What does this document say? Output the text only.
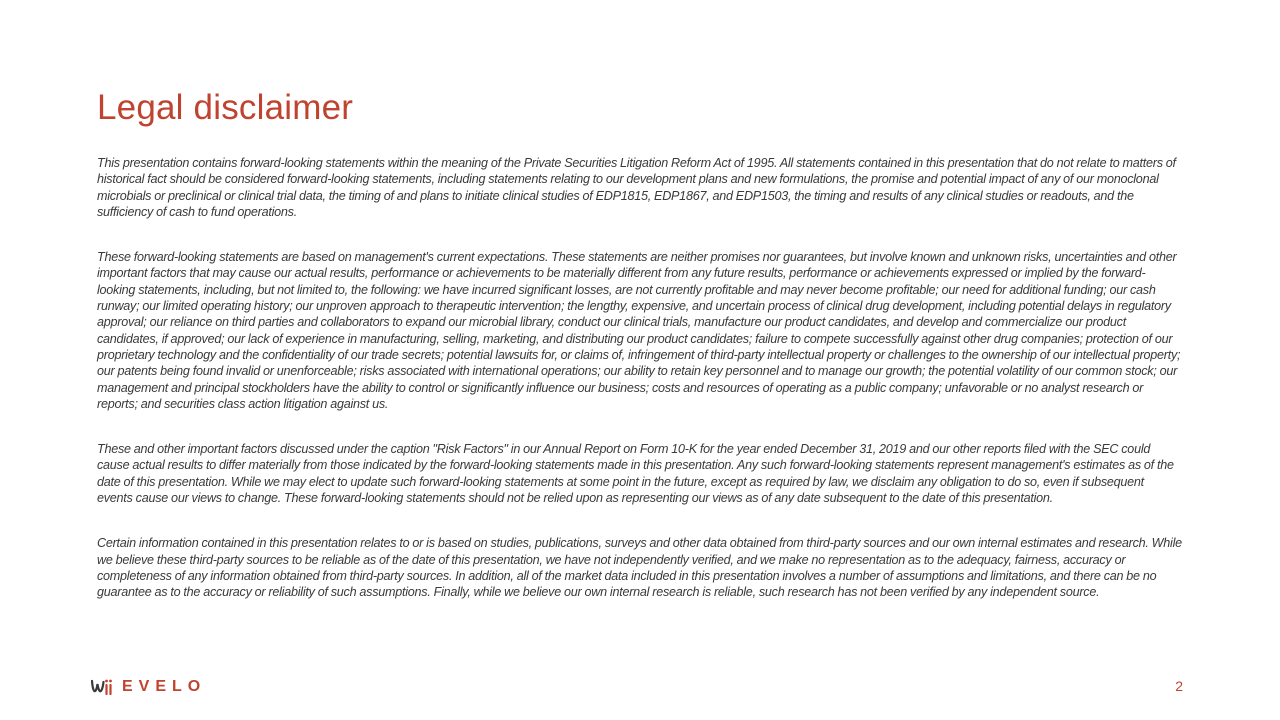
Legal disclaimer

This presentation contains forward-looking statements within the meaning of the Private Securities Litigation Reform Act of 1995. All statements contained in this presentation that do not relate to matters of historical fact should be considered forward-looking statements, including statements relating to our development plans and new formulations, the promise and potential impact of any of our monoclonal microbials or preclinical or clinical trial data, the timing of and plans to initiate clinical studies of EDP1815, EDP1867, and EDP1503, the timing and results of any clinical studies or readouts, and the sufficiency of cash to fund operations.

These forward-looking statements are based on management's current expectations. These statements are neither promises nor guarantees, but involve known and unknown risks, uncertainties and other important factors that may cause our actual results, performance or achievements to be materially different from any future results, performance or achievements expressed or implied by the forward-looking statements, including, but not limited to, the following: we have incurred significant losses, are not currently profitable and may never become profitable; our need for additional funding; our cash runway; our limited operating history; our unproven approach to therapeutic intervention; the lengthy, expensive, and uncertain process of clinical drug development, including potential delays in regulatory approval; our reliance on third parties and collaborators to expand our microbial library, conduct our clinical trials, manufacture our product candidates, and develop and commercialize our product candidates, if approved; our lack of experience in manufacturing, selling, marketing, and distributing our product candidates; failure to compete successfully against other drug companies; protection of our proprietary technology and the confidentiality of our trade secrets; potential lawsuits for, or claims of, infringement of third-party intellectual property or challenges to the ownership of our intellectual property; our patents being found invalid or unenforceable; risks associated with international operations; our ability to retain key personnel and to manage our growth; the potential volatility of our common stock; our management and principal stockholders have the ability to control or significantly influence our business; costs and resources of operating as a public company; unfavorable or no analyst research or reports; and securities class action litigation against us.

These and other important factors discussed under the caption "Risk Factors" in our Annual Report on Form 10-K for the year ended December 31, 2019 and our other reports filed with the SEC could cause actual results to differ materially from those indicated by the forward-looking statements made in this presentation. Any such forward-looking statements represent management's estimates as of the date of this presentation. While we may elect to update such forward-looking statements at some point in the future, except as required by law, we disclaim any obligation to do so, even if subsequent events cause our views to change. These forward-looking statements should not be relied upon as representing our views as of any date subsequent to the date of this presentation.

Certain information contained in this presentation relates to or is based on studies, publications, surveys and other data obtained from third-party sources and our own internal estimates and research. While we believe these third-party sources to be reliable as of the date of this presentation, we have not independently verified, and we make no representation as to the adequacy, fairness, accuracy or completeness of any information obtained from third-party sources. In addition, all of the market data included in this presentation involves a number of assumptions and limitations, and there can be no guarantee as to the accuracy or reliability of such assumptions. Finally, while we believe our own internal research is reliable, such research has not been verified by any independent source.

EVELO	2
